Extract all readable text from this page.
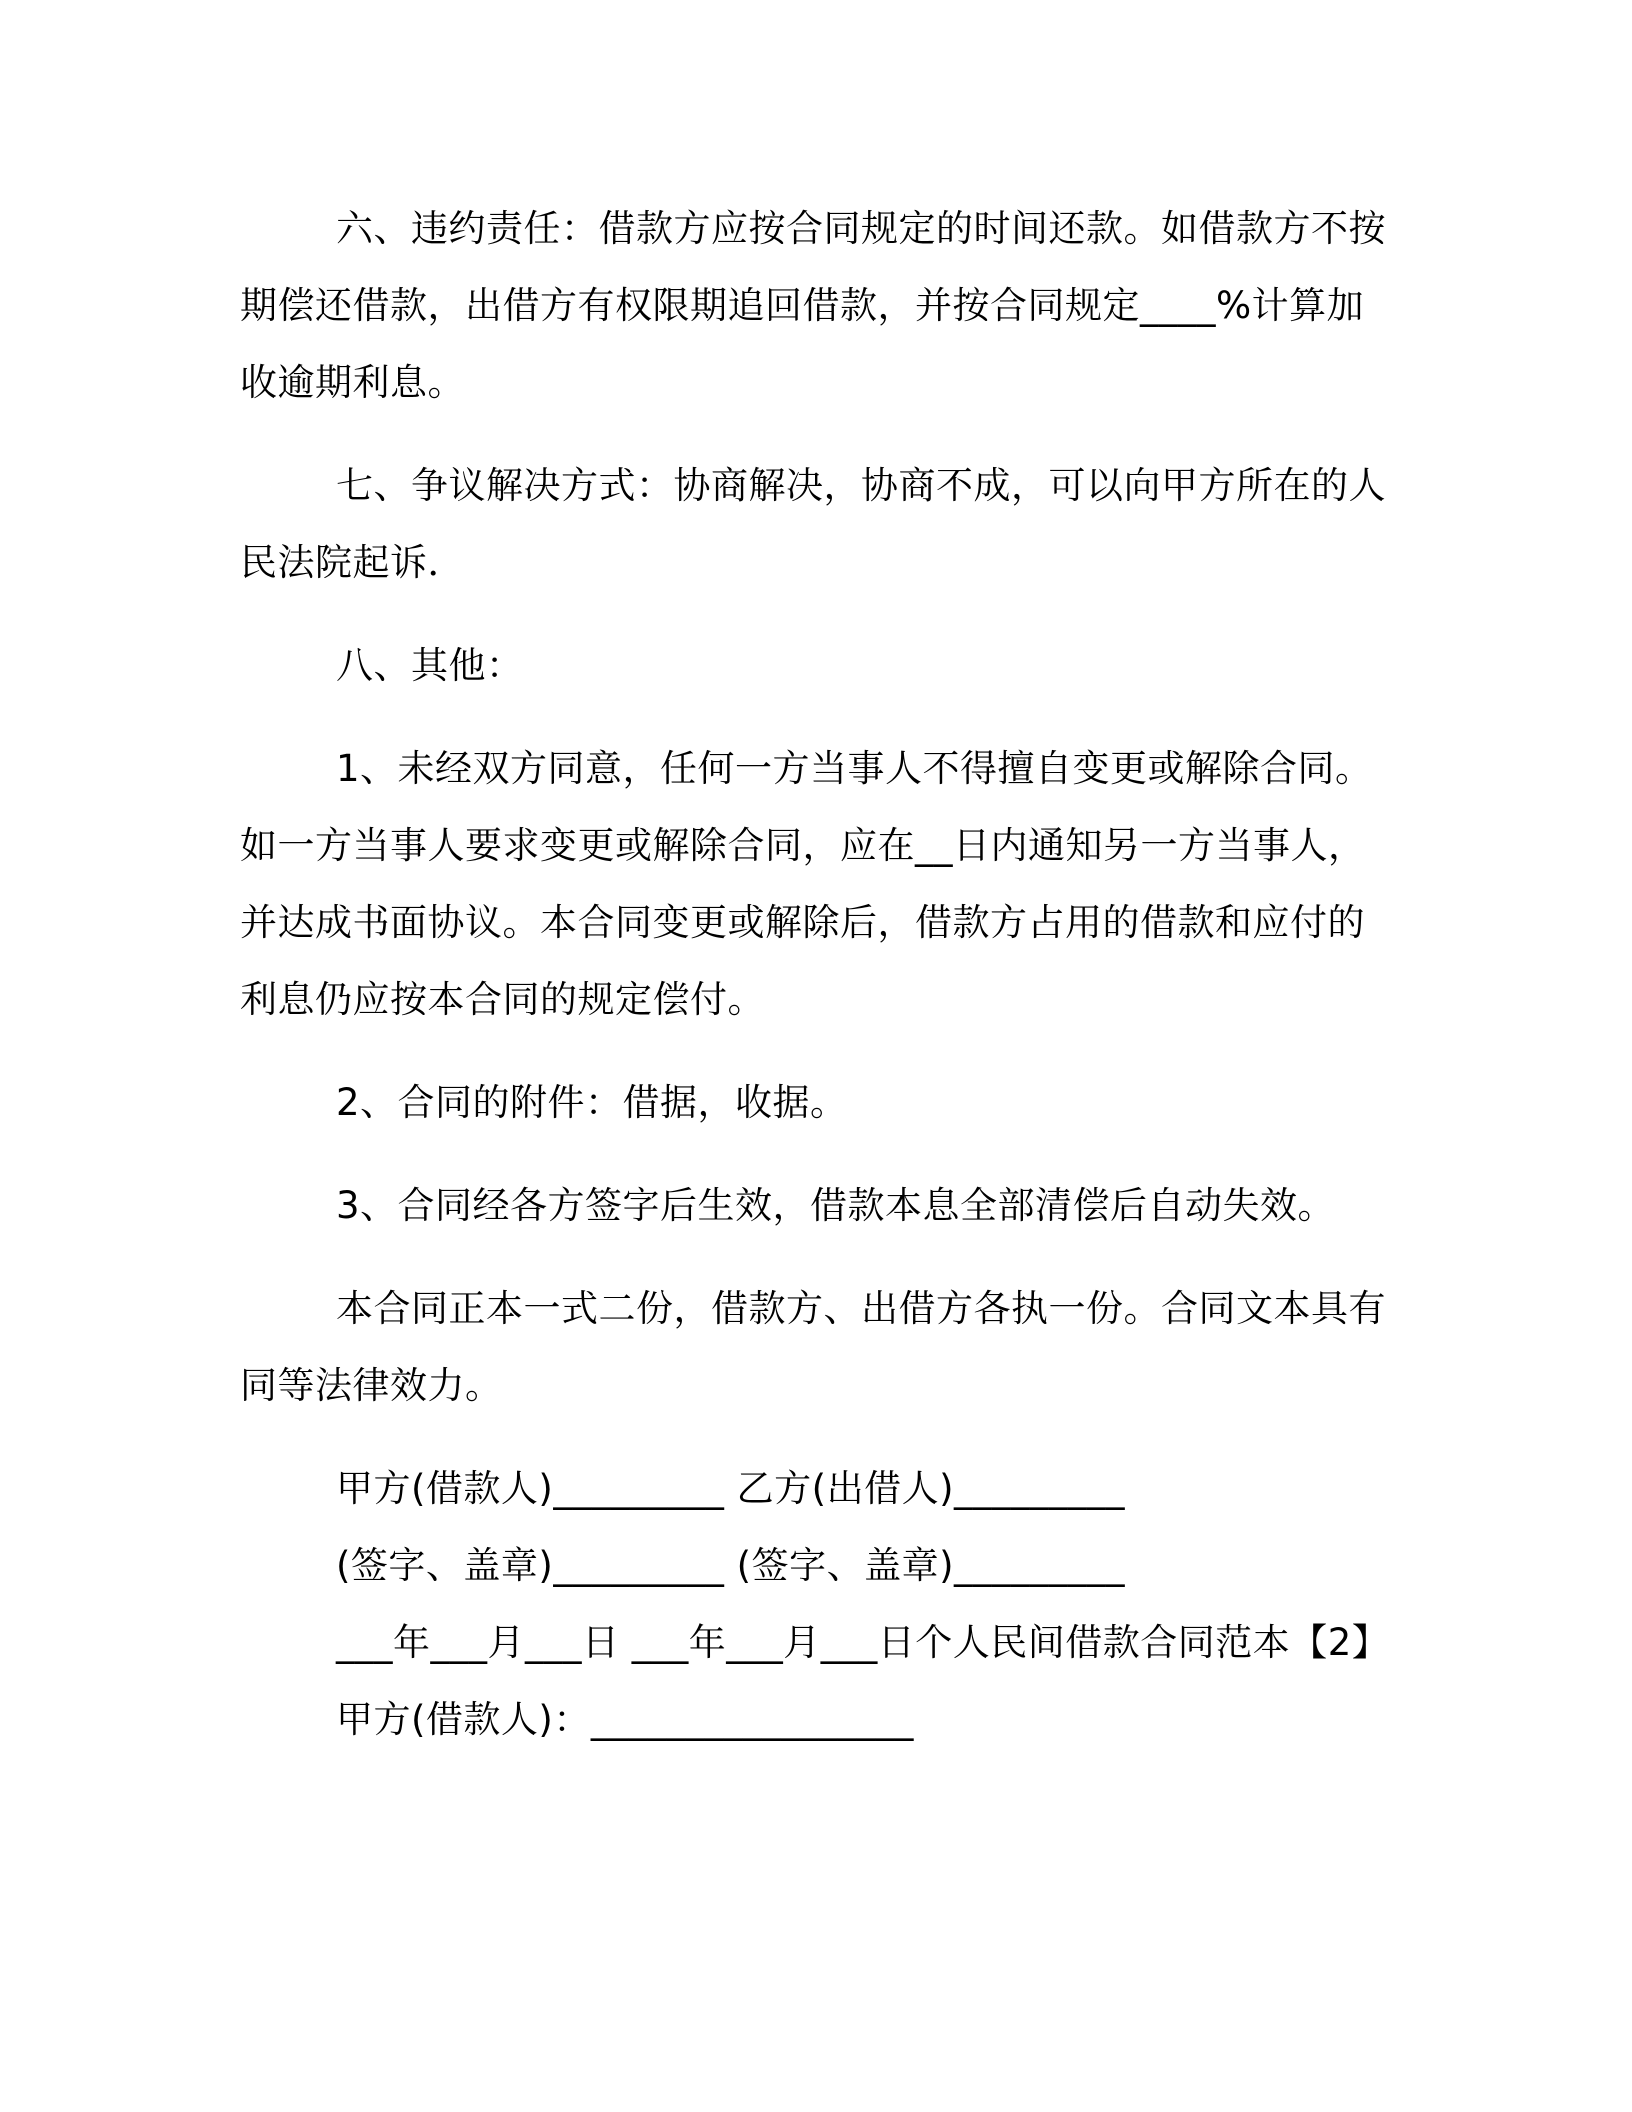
六、违约责任：借款方应按合同规定的时间还款。如借款方不按期偿还借款，出借方有权限期追回借款，并按合同规定____%计算加收逾期利息。

七、争议解决方式：协商解决，协商不成，可以向甲方所在的人民法院起诉．

八、其他：

1、未经双方同意，任何一方当事人不得擅自变更或解除合同。如一方当事人要求变更或解除合同，应在__日内通知另一方当事人，并达成书面协议。本合同变更或解除后，借款方占用的借款和应付的利息仍应按本合同的规定偿付。

2、合同的附件：借据，收据。

3、合同经各方签字后生效，借款本息全部清偿后自动失效。

本合同正本一式二份，借款方、出借方各执一份。合同文本具有同等法律效力。

甲方(借款人)_________ 乙方(出借人)_________

(签字、盖章)_________ (签字、盖章)_________

___年___月___日 ___年___月___日个人民间借款合同范本【2】

甲方(借款人)：_________________
